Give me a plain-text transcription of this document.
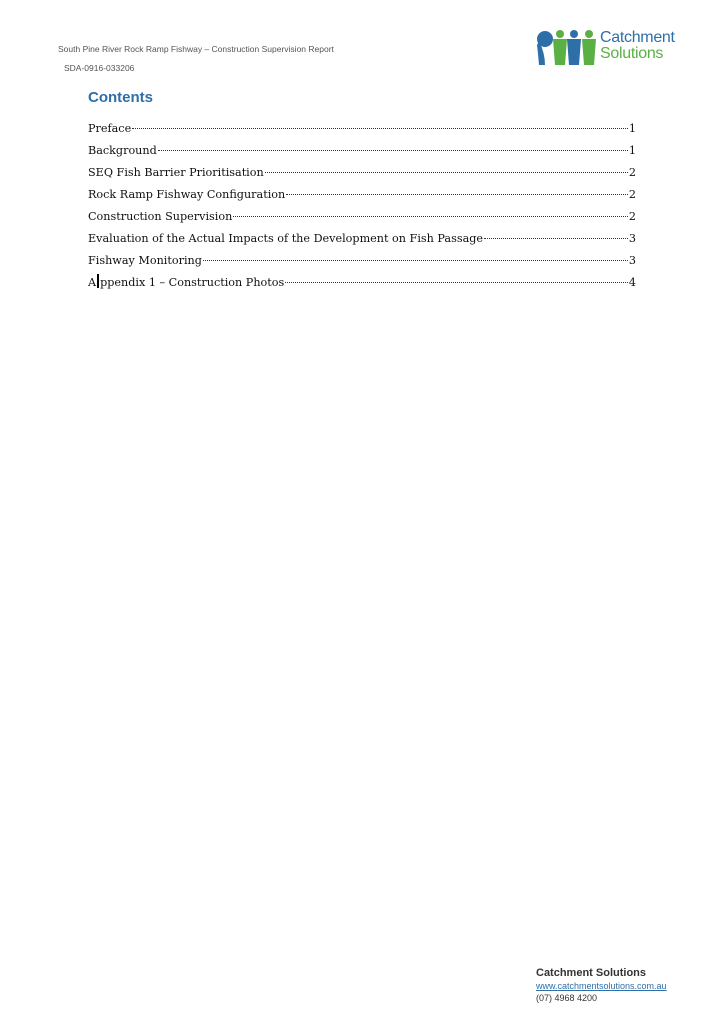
South Pine River Rock Ramp Fishway – Construction Supervision Report
SDA-0916-033206
Catchment
Solutions
Contents
Preface	1
Background	1
SEQ Fish Barrier Prioritisation	2
Rock Ramp Fishway Configuration	2
Construction Supervision	2
Evaluation of the Actual Impacts of the Development on Fish Passage	3
Fishway Monitoring	3
A ppendix 1 – Construction Photos	4
Catchment Solutions
www.catchmentsolutions.com.au
(07) 4968 4200
